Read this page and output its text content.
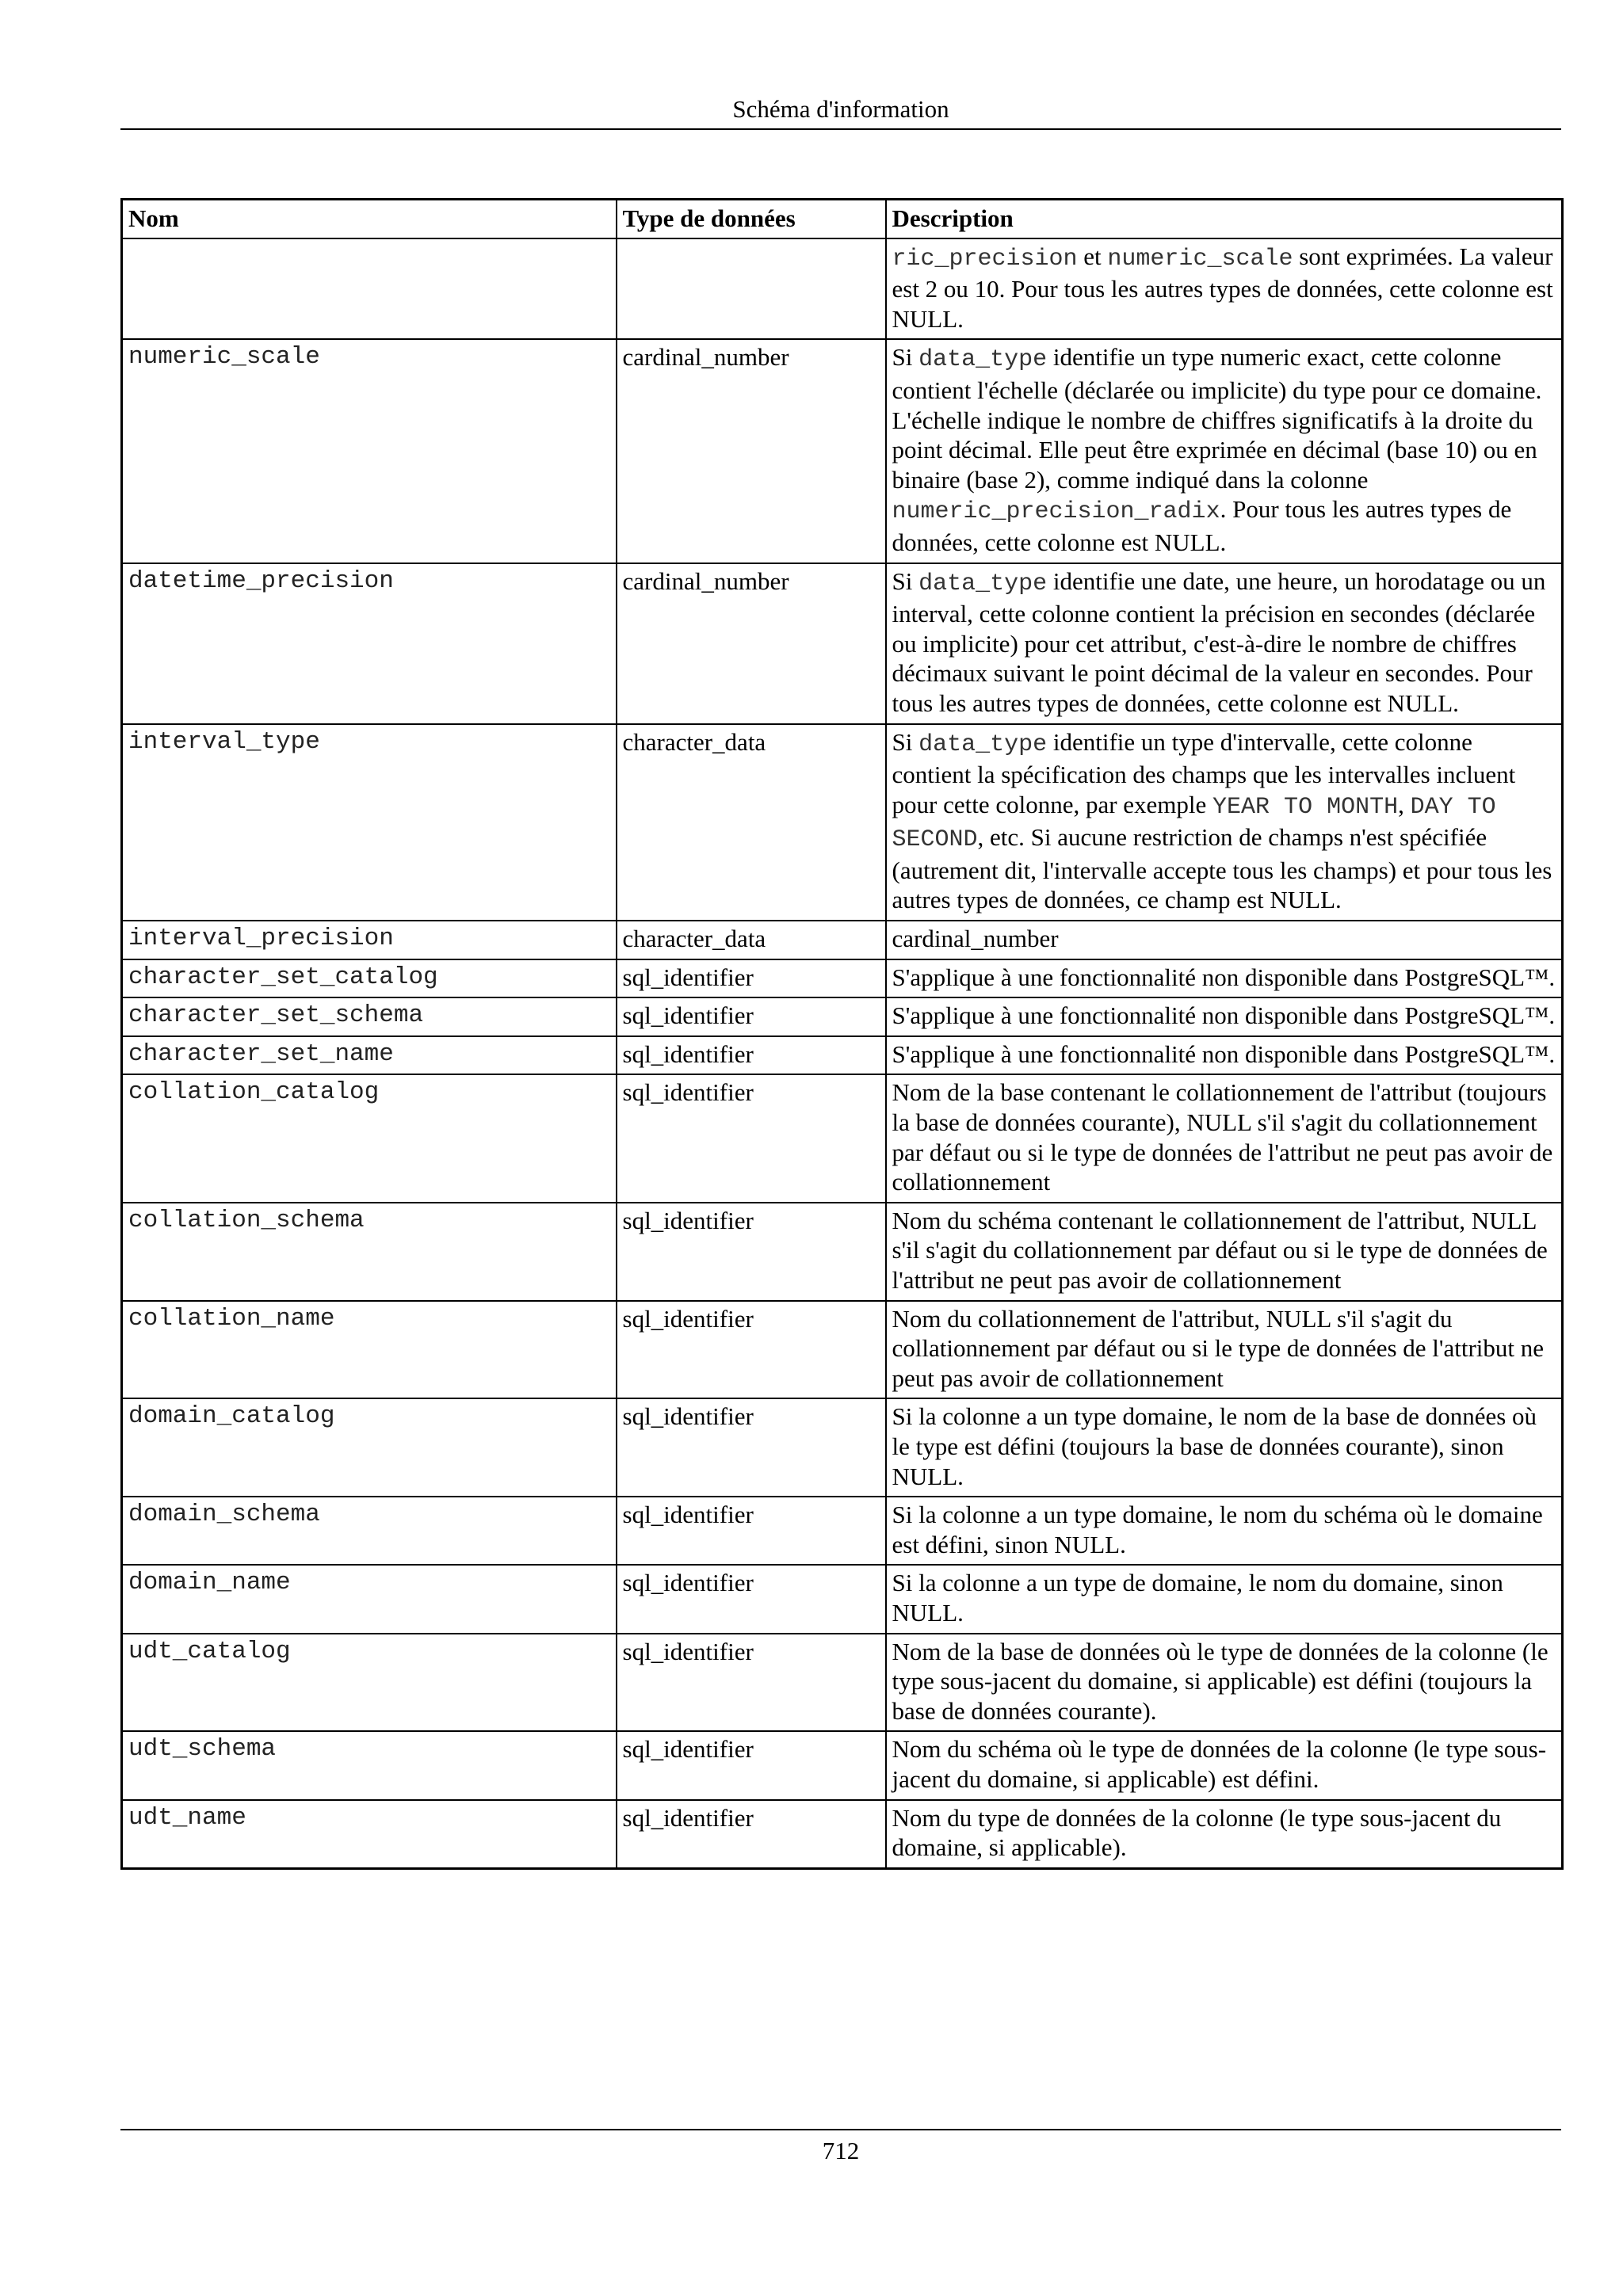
Schéma d'information
Nom	Type de données	Description
		ric_precision et numeric_scale sont exprimées. La valeur est 2 ou 10. Pour tous les autres types de données, cette colonne est NULL.
numeric_scale	cardinal_number	Si data_type identifie un type numeric exact, cette colonne contient l'échelle (déclarée ou implicite) du type pour ce domaine. L'échelle indique le nombre de chiffres significatifs à la droite du point décimal. Elle peut être exprimée en décimal (base 10) ou en binaire (base 2), comme indiqué dans la colonne numeric_precision_radix. Pour tous les autres types de données, cette colonne est NULL.
datetime_precision	cardinal_number	Si data_type identifie une date, une heure, un horodatage ou un interval, cette colonne contient la précision en secondes (déclarée ou implicite) pour cet attribut, c'est-à-dire le nombre de chiffres décimaux suivant le point décimal de la valeur en secondes. Pour tous les autres types de données, cette colonne est NULL.
interval_type	character_data	Si data_type identifie un type d'intervalle, cette colonne contient la spécification des champs que les intervalles incluent pour cette colonne, par exemple YEAR TO MONTH, DAY TO SECOND, etc. Si aucune restriction de champs n'est spécifiée (autrement dit, l'intervalle accepte tous les champs) et pour tous les autres types de données, ce champ est NULL.
interval_precision	character_data	cardinal_number
character_set_catalog	sql_identifier	S'applique à une fonctionnalité non disponible dans PostgreSQL™.
character_set_schema	sql_identifier	S'applique à une fonctionnalité non disponible dans PostgreSQL™.
character_set_name	sql_identifier	S'applique à une fonctionnalité non disponible dans PostgreSQL™.
collation_catalog	sql_identifier	Nom de la base contenant le collationnement de l'attribut (toujours la base de données courante), NULL s'il s'agit du collationnement par défaut ou si le type de données de l'attribut ne peut pas avoir de collationnement
collation_schema	sql_identifier	Nom du schéma contenant le collationnement de l'attribut, NULL s'il s'agit du collationnement par défaut ou si le type de données de l'attribut ne peut pas avoir de collationnement
collation_name	sql_identifier	Nom du collationnement de l'attribut, NULL s'il s'agit du collationnement par défaut ou si le type de données de l'attribut ne peut pas avoir de collationnement
domain_catalog	sql_identifier	Si la colonne a un type domaine, le nom de la base de données où le type est défini (toujours la base de données courante), sinon NULL.
domain_schema	sql_identifier	Si la colonne a un type domaine, le nom du schéma où le domaine est défini, sinon NULL.
domain_name	sql_identifier	Si la colonne a un type de domaine, le nom du domaine, sinon NULL.
udt_catalog	sql_identifier	Nom de la base de données où le type de données de la colonne (le type sous-jacent du domaine, si applicable) est défini (toujours la base de données courante).
udt_schema	sql_identifier	Nom du schéma où le type de données de la colonne (le type sous-jacent du domaine, si applicable) est défini.
udt_name	sql_identifier	Nom du type de données de la colonne (le type sous-jacent du domaine, si applicable).
712
